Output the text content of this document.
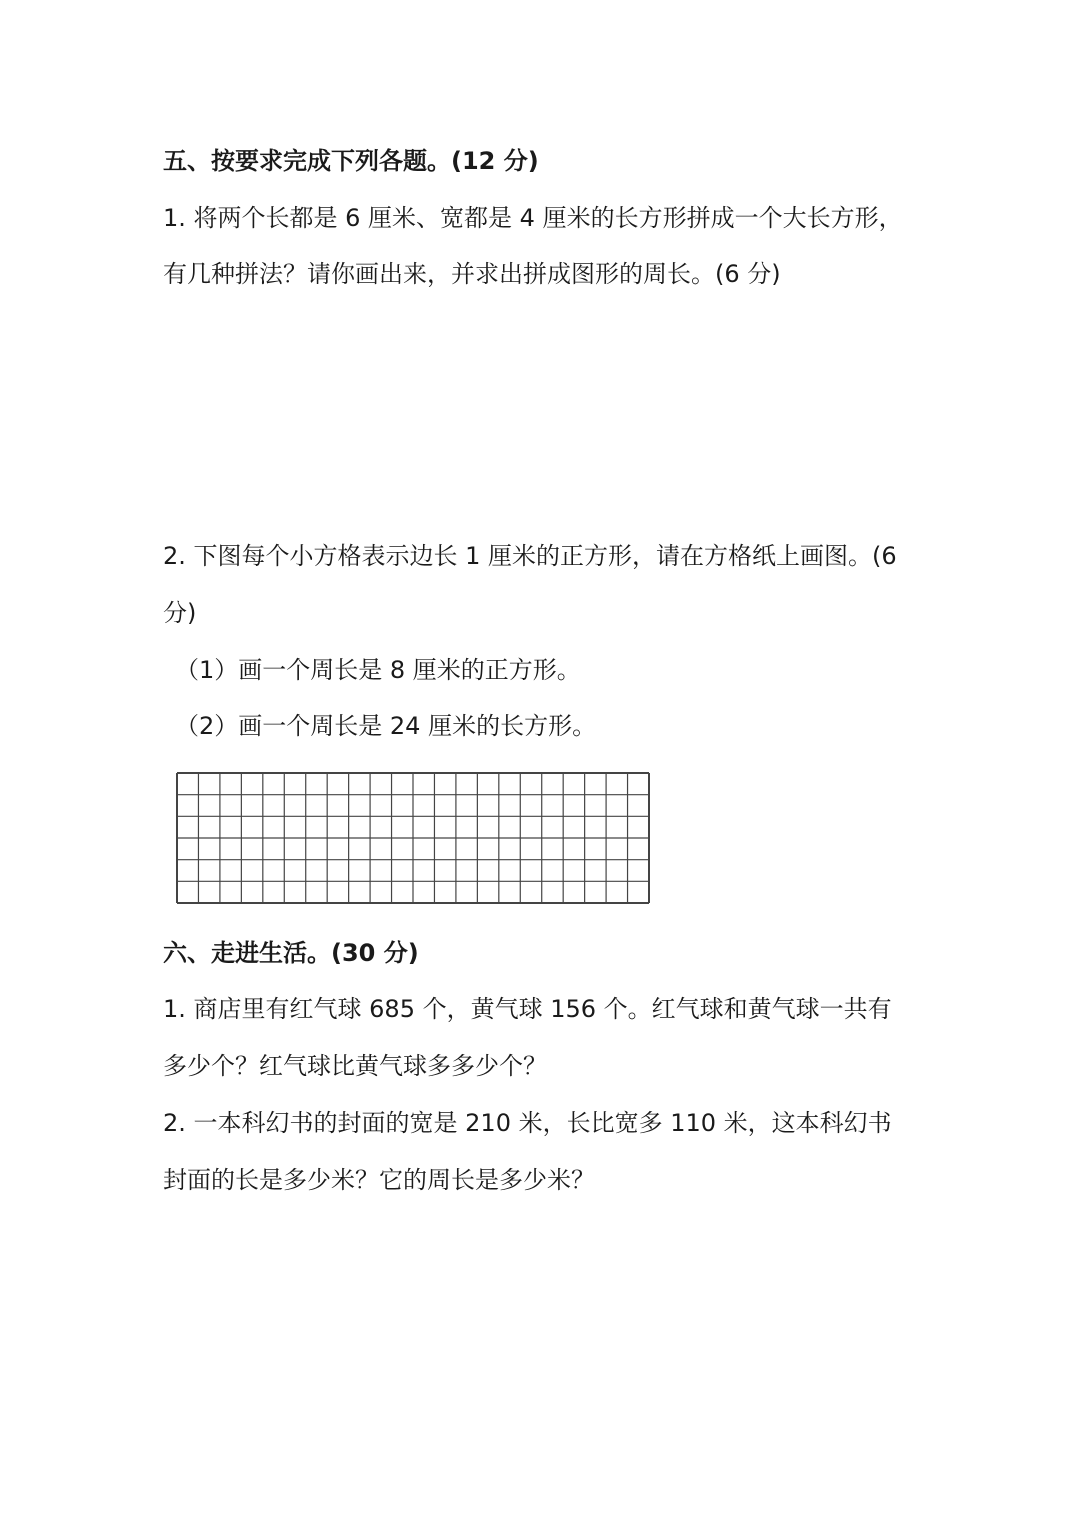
五、按要求完成下列各题。(12 分)
1. 将两个长都是 6 厘米、宽都是 4 厘米的长方形拼成一个大长方形，
有几种拼法？请你画出来，并求出拼成图形的周长。(6 分)
2. 下图每个小方格表示边长 1 厘米的正方形，请在方格纸上画图。(6
分)
（1）画一个周长是 8 厘米的正方形。
（2）画一个周长是 24 厘米的长方形。
六、走进生活。(30 分)
1. 商店里有红气球 685 个，黄气球 156 个。红气球和黄气球一共有
多少个？红气球比黄气球多多少个？
2. 一本科幻书的封面的宽是 210 米，长比宽多 110 米，这本科幻书
封面的长是多少米？它的周长是多少米？
